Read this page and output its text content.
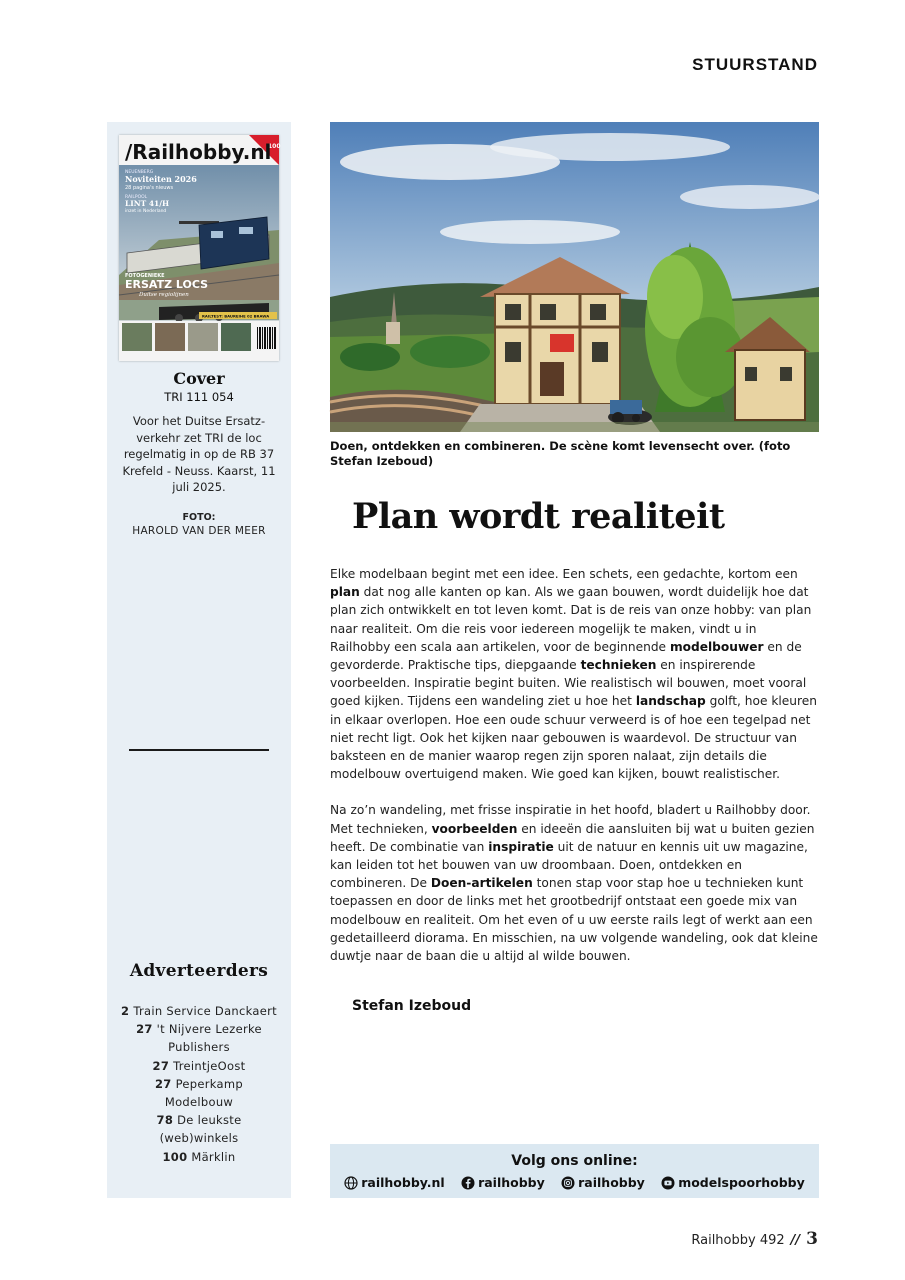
STUURSTAND
100
/Railhobby.nl
NEUENBERG
Noviteiten 2026
28 pagina's nieuws
RAILPOOL
LINT 41/H
inzet in Nederland
FOTOGENIEKE
ERSATZ LOCS
Duitse regiolijnen
RAILTEST: BAUREIHE 02 BRAWA
Cover
TRI 111 054
Voor het Duitse Ersatz-verkehr zet TRI de loc regelmatig in op de RB 37 Krefeld - Neuss. Kaarst, 11 juli 2025.
FOTO:
HAROLD VAN DER MEER
Adverteerders
2 Train Service Danckaert
27 't Nijvere Lezerke Publishers
27 TreintjeOost
27 Peperkamp Modelbouw
78 De leukste (web)winkels
100 Märklin
Doen, ontdekken en combineren. De scène komt levensecht over. (foto Stefan Izeboud)
Plan wordt realiteit

Elke modelbaan begint met een idee. Een schets, een gedachte, kortom een plan dat nog alle kanten op kan. Als we gaan bouwen, wordt duidelijk hoe dat plan zich ontwikkelt en tot leven komt. Dat is de reis van onze hobby: van plan naar realiteit. Om die reis voor iedereen mogelijk te maken, vindt u in Railhobby een scala aan artikelen, voor de beginnende modelbouwer en de gevorderde. Praktische tips, diepgaande technieken en inspirerende voorbeelden. Inspiratie begint buiten. Wie realistisch wil bouwen, moet vooral goed kijken. Tijdens een wandeling ziet u hoe het landschap golft, hoe kleuren in elkaar overlopen. Hoe een oude schuur verweerd is of hoe een tegelpad net niet recht ligt. Ook het kijken naar gebouwen is waardevol. De structuur van baksteen en de manier waarop regen zijn sporen nalaat, zijn details die modelbouw overtuigend maken. Wie goed kan kijken, bouwt realistischer.

Na zo’n wandeling, met frisse inspiratie in het hoofd, bladert u Railhobby door. Met technieken, voorbeelden en ideeën die aansluiten bij wat u buiten gezien heeft. De combinatie van inspiratie uit de natuur en kennis uit uw magazine, kan leiden tot het bouwen van uw droombaan. Doen, ontdekken en combineren. De Doen-artikelen tonen stap voor stap hoe u technieken kunt toepassen en door de links met het grootbedrijf ontstaat een goede mix van modelbouw en realiteit. Om het even of u uw eerste rails legt of werkt aan een gedetailleerd diorama. En misschien, na uw volgende wandeling, ook dat kleine duwtje naar de baan die u altijd al wilde bouwen.

Stefan Izeboud
Volg ons online:
railhobby.nl	railhobby	railhobby	modelspoorhobby
Railhobby 492 // 3
